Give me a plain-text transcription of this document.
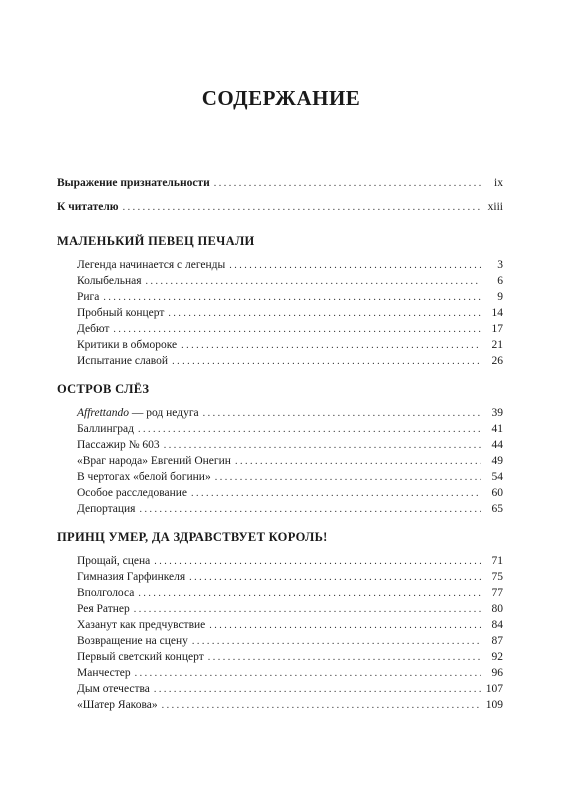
СОДЕРЖАНИЕ
Выражение признательности . . .	ix
К читателю . . .	xiii
МАЛЕНЬКИЙ ПЕВЕЦ ПЕЧАЛИ
Легенда начинается с легенды . . .	3
Колыбельная . . .	6
Рига . . .	9
Пробный концерт . . .	14
Дебют . . .	17
Критики в обмороке . . .	21
Испытание славой . . .	26
ОСТРОВ СЛЁЗ
Affrettando — род недуга . . .	39
Баллинград . . .	41
Пассажир № 603 . . .	44
«Враг народа» Евгений Онегин . . .	49
В чертогах «белой богини» . . .	54
Особое расследование . . .	60
Депортация . . .	65
ПРИНЦ УМЕР, ДА ЗДРАВСТВУЕТ КОРОЛЬ!
Прощай, сцена . . .	71
Гимназия Гарфинкеля . . .	75
Вполголоса . . .	77
Рея Ратнер . . .	80
Хазанут как предчувствие . . .	84
Возвращение на сцену . . .	87
Первый светский концерт . . .	92
Манчестер . . .	96
Дым отечества . . .	107
«Шатер Яакова» . . .	109
